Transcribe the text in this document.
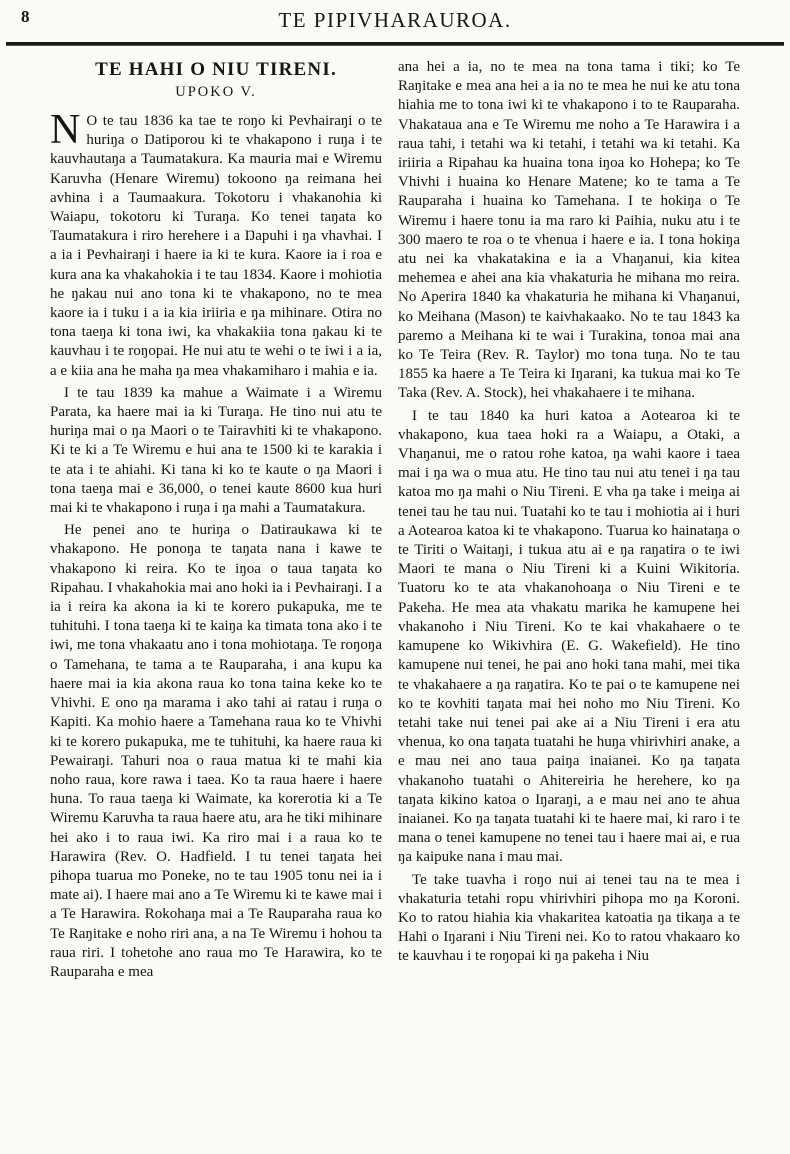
8	TE PIPIVHARAUROA.
TE HAHI O NIU TIRENI.
UPOKO V.

N O te tau 1836 ka tae te roŋo ki Pevhairaŋi o te huriŋa o Ŋatiporou ki te vhakapono i ruŋa i te kauvhautaŋa a Taumatakura. Ka mauria mai e Wiremu Karuvha (Henare Wiremu) tokoono ŋa reimana hei avhina i a Taumaakura. Tokotoru i vhakanohia ki Waiapu, tokotoru ki Turaŋa. Ko tenei taŋata ko Taumatakura i riro herehere i a Ŋapuhi i ŋa vhavhai. I a ia i Pevhairaŋi i haere ia ki te kura. Kaore ia i roa e kura ana ka vhakahokia i te tau 1834. Kaore i mohiotia he ŋakau nui ano tona ki te vhakapono, no te mea kaore ia i tuku i a ia kia iriiria e ŋa mihinare. Otira no tona taeŋa ki tona iwi, ka vhakakiia tona ŋakau ki te kauvhau i te roŋopai. He nui atu te wehi o te iwi i a ia, a e kiia ana he maha ŋa mea vhakamiharo i mahia e ia.

I te tau 1839 ka mahue a Waimate i a Wiremu Parata, ka haere mai ia ki Turaŋa. He tino nui atu te huriŋa mai o ŋa Maori o te Tairavhiti ki te vhakapono. Ki te ki a Te Wiremu e hui ana te 1500 ki te karakia i te ata i te ahiahi. Ki tana ki ko te kaute o ŋa Maori i tona taeŋa mai e 36,000, o tenei kaute 8600 kua huri mai ki te vhakapono i ruŋa i ŋa mahi a Taumatakura.

He penei ano te huriŋa o Ŋatiraukawa ki te vhakapono. He ponoŋa te taŋata nana i kawe te vhakapono ki reira. Ko te iŋoa o taua taŋata ko Ripahau. I vhakahokia mai ano hoki ia i Pevhairaŋi. I a ia i reira ka akona ia ki te korero pukapuka, me te tuhituhi. I tona taeŋa ki te kaiŋa ka timata tona ako i te iwi, me tona vhakaatu ano i tona mohiotaŋa. Te roŋoŋa o Tamehana, te tama a te Rauparaha, i ana kupu ka haere mai ia kia akona raua ko tona taina keke ko te Vhivhi. E ono ŋa marama i ako tahi ai ratau i ruŋa o Kapiti. Ka mohio haere a Tamehana raua ko te Vhivhi ki te korero pukapuka, me te tuhituhi, ka haere raua ki Pewairaŋi. Tahuri noa o raua matua ki te mahi kia noho raua, kore rawa i taea. Ko ta raua haere i haere huna. To raua taeŋa ki Waimate, ka korerotia ki a Te Wiremu Karuvha ta raua haere atu, ara he tiki mihinare hei ako i to raua iwi. Ka riro mai i a raua ko te Harawira (Rev. O. Hadfield. I tu tenei taŋata hei pihopa tuarua mo Poneke, no te tau 1905 tonu nei ia i mate ai). I haere mai ano a Te Wiremu ki te kawe mai i a Te Harawira. Rokohaŋa mai a Te Rauparaha raua ko Te Raŋitake e noho riri ana, a na Te Wiremu i hohou ta raua riri. I tohetohe ano raua mo Te Harawira, ko te Rauparaha e mea

ana hei a ia, no te mea na tona tama i tiki; ko Te Raŋitake e mea ana hei a ia no te mea he nui ke atu tona hiahia me to tona iwi ki te vhakapono i to te Rauparaha. Vhakataua ana e Te Wiremu me noho a Te Harawira i a raua tahi, i tetahi wa ki tetahi, i tetahi wa ki tetahi. Ka iriiria a Ripahau ka huaina tona iŋoa ko Hohepa; ko Te Vhivhi i huaina ko Henare Matene; ko te tama a Te Rauparaha i huaina ko Tamehana. I te hokiŋa o Te Wiremu i haere tonu ia ma raro ki Paihia, nuku atu i te 300 maero te roa o te vhenua i haere e ia. I tona hokiŋa atu nei ka vhakatakina e ia a Vhaŋanui, kia kitea mehemea e ahei ana kia vhakaturia he mihana mo reira. No Aperira 1840 ka vhakaturia he mihana ki Vhaŋanui, ko Meihana (Mason) te kaivhakaako. No te tau 1843 ka paremo a Meihana ki te wai i Turakina, tonoa mai ana ko Te Teira (Rev. R. Taylor) mo tona tuŋa. No te tau 1855 ka haere a Te Teira ki Iŋarani, ka tukua mai ko Te Taka (Rev. A. Stock), hei vhakahaere i te mihana.

I te tau 1840 ka huri katoa a Aotearoa ki te vhakapono, kua taea hoki ra a Waiapu, a Otaki, a Vhaŋanui, me o ratou rohe katoa, ŋa wahi kaore i taea mai i ŋa wa o mua atu. He tino tau nui atu tenei i ŋa tau katoa mo ŋa mahi o Niu Tireni. E vha ŋa take i meiŋa ai tenei tau he tau nui. Tuatahi ko te tau i mohiotia ai i huri a Aotearoa katoa ki te vhakapono. Tuarua ko hainataŋa o te Tiriti o Waitaŋi, i tukua atu ai e ŋa raŋatira o te iwi Maori te mana o Niu Tireni ki a Kuini Wikitoria. Tuatoru ko te ata vhakanohoaŋa o Niu Tireni e te Pakeha. He mea ata vhakatu marika he kamupene hei vhakanoho i Niu Tireni. Ko te kai vhakahaere o te kamupene ko Wikivhira (E. G. Wakefield). He tino kamupene nui tenei, he pai ano hoki tana mahi, mei tika te vhakahaere a ŋa raŋatira. Ko te pai o te kamupene nei ko te kovhiti taŋata mai hei noho mo Niu Tireni. Ko tetahi take nui tenei pai ake ai a Niu Tireni i era atu vhenua, ko ona taŋata tuatahi he huŋa vhirivhiri anake, a e mau nei ano taua paiŋa inaianei. Ko ŋa taŋata vhakanoho tuatahi o Ahitereiria he herehere, ko ŋa taŋata kikino katoa o Iŋaraŋi, a e mau nei ano te ahua inaianei. Ko ŋa taŋata tuatahi ki te haere mai, ki raro i te mana o tenei kamupene no tenei tau i haere mai ai, e rua ŋa kaipuke nana i mau mai.

Te take tuavha i roŋo nui ai tenei tau na te mea i vhakaturia tetahi ropu vhirivhiri pihopa mo ŋa Koroni. Ko to ratou hiahia kia vhakaritea katoatia ŋa tikaŋa a te Hahi o Iŋarani i Niu Tireni nei. Ko to ratou vhakaaro ko te kauvhau i te roŋopai ki ŋa pakeha i Niu
